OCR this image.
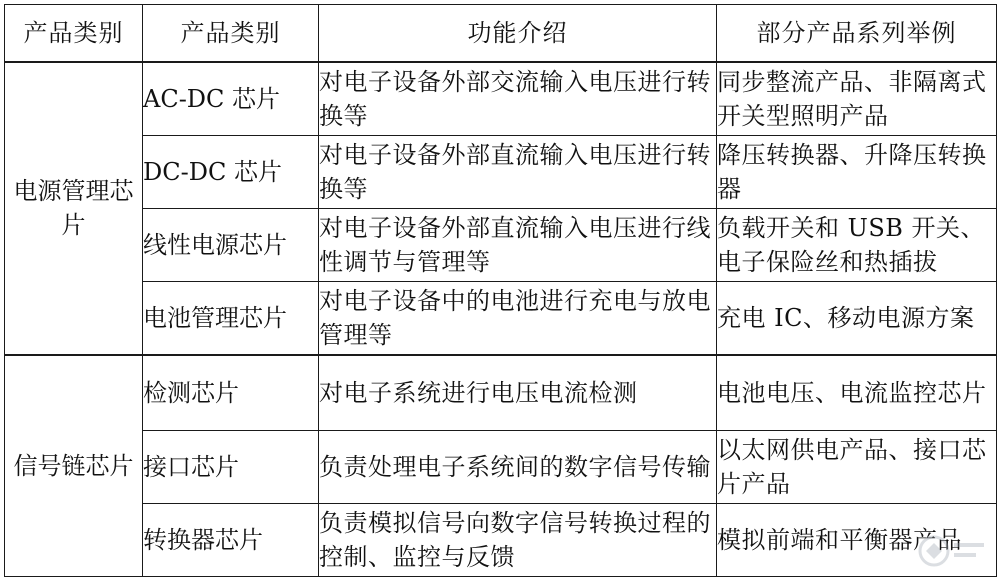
产品类别	产品类别	功能介绍	部分产品系列举例
电源管理芯片	AC-DC 芯片	对电子设备外部交流输入电压进行转换等	同步整流产品、非隔离式开关型照明产品
	DC-DC 芯片	对电子设备外部直流输入电压进行转换等	降压转换器、升降压转换器
	线性电源芯片	对电子设备外部直流输入电压进行线性调节与管理等	负载开关和 USB 开关、电子保险丝和热插拔
	电池管理芯片	对电子设备中的电池进行充电与放电管理等	充电 IC、移动电源方案
信号链芯片	检测芯片	对电子系统进行电压电流检测	电池电压、电流监控芯片
	接口芯片	负责处理电子系统间的数字信号传输	以太网供电产品、接口芯片产品
	转换器芯片	负责模拟信号向数字信号转换过程的控制、监控与反馈	模拟前端和平衡器产品
